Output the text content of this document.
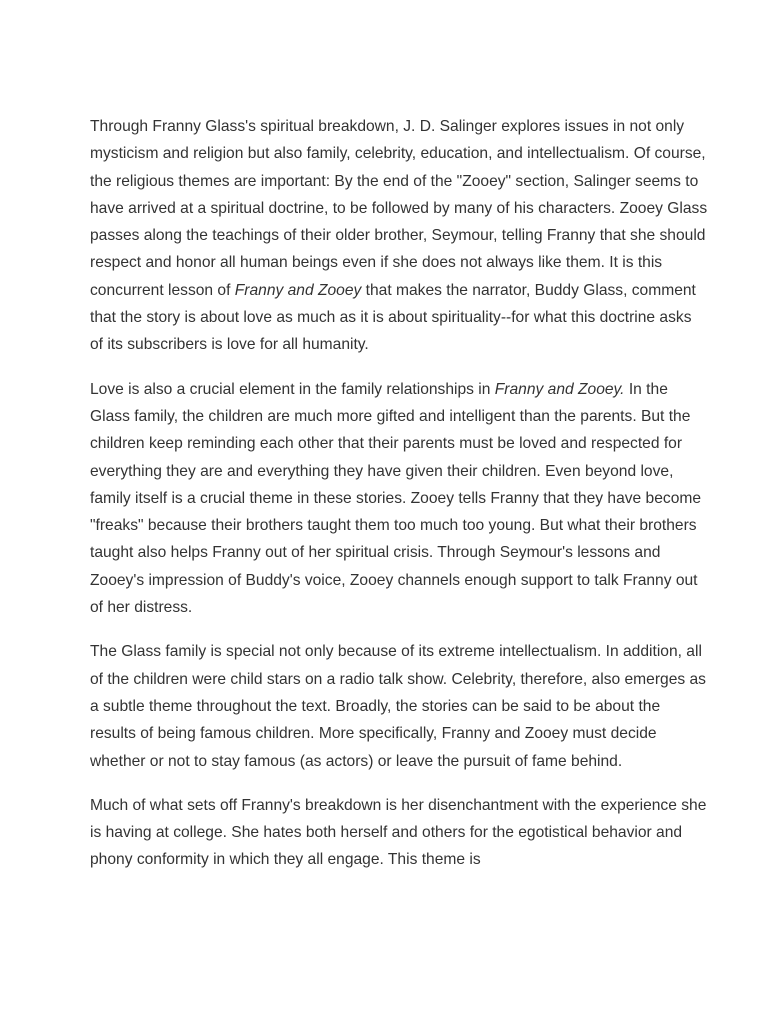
Through Franny Glass's spiritual breakdown, J. D. Salinger explores issues in not only mysticism and religion but also family, celebrity, education, and intellectualism. Of course, the religious themes are important: By the end of the "Zooey" section, Salinger seems to have arrived at a spiritual doctrine, to be followed by many of his characters. Zooey Glass passes along the teachings of their older brother, Seymour, telling Franny that she should respect and honor all human beings even if she does not always like them. It is this concurrent lesson of Franny and Zooey that makes the narrator, Buddy Glass, comment that the story is about love as much as it is about spirituality--for what this doctrine asks of its subscribers is love for all humanity.

Love is also a crucial element in the family relationships in Franny and Zooey. In the Glass family, the children are much more gifted and intelligent than the parents. But the children keep reminding each other that their parents must be loved and respected for everything they are and everything they have given their children. Even beyond love, family itself is a crucial theme in these stories. Zooey tells Franny that they have become "freaks" because their brothers taught them too much too young. But what their brothers taught also helps Franny out of her spiritual crisis. Through Seymour's lessons and Zooey's impression of Buddy's voice, Zooey channels enough support to talk Franny out of her distress.

The Glass family is special not only because of its extreme intellectualism. In addition, all of the children were child stars on a radio talk show. Celebrity, therefore, also emerges as a subtle theme throughout the text. Broadly, the stories can be said to be about the results of being famous children. More specifically, Franny and Zooey must decide whether or not to stay famous (as actors) or leave the pursuit of fame behind.

Much of what sets off Franny's breakdown is her disenchantment with the experience she is having at college. She hates both herself and others for the egotistical behavior and phony conformity in which they all engage. This theme is
